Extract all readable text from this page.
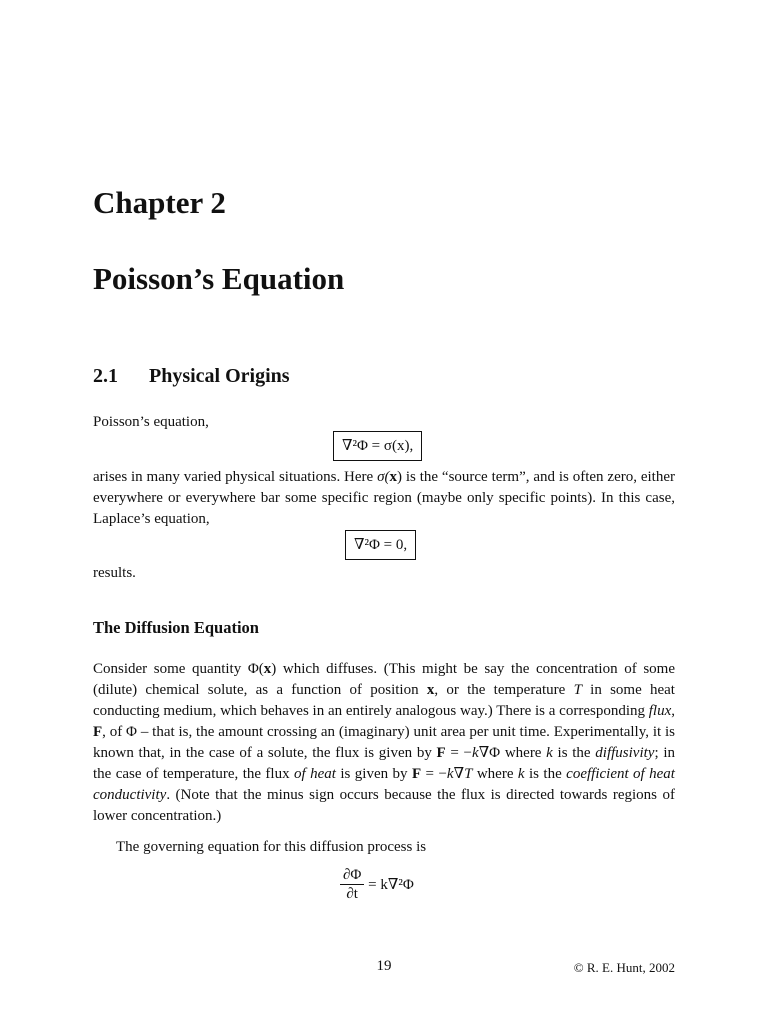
Chapter 2
Poisson’s Equation
2.1 Physical Origins

Poisson’s equation,

∇²Φ = σ(x),

arises in many varied physical situations. Here σ(x) is the “source term”, and is often zero, either everywhere or everywhere bar some specific region (maybe only specific points). In this case, Laplace’s equation,

∇²Φ = 0,

results.

The Diffusion Equation

Consider some quantity Φ(x) which diffuses. (This might be say the concentration of some (dilute) chemical solute, as a function of position x, or the temperature T in some heat conducting medium, which behaves in an entirely analogous way.) There is a corresponding flux, F, of Φ – that is, the amount crossing an (imaginary) unit area per unit time. Experimentally, it is known that, in the case of a solute, the flux is given by F = −k∇Φ where k is the diffusivity; in the case of temperature, the flux of heat is given by F = −k∇T where k is the coefficient of heat conductivity. (Note that the minus sign occurs because the flux is directed towards regions of lower concentration.)

The governing equation for this diffusion process is

$\frac{\partial\Phi}{\partial t} = k\nabla^2\Phi$
19	© R. E. Hunt, 2002
